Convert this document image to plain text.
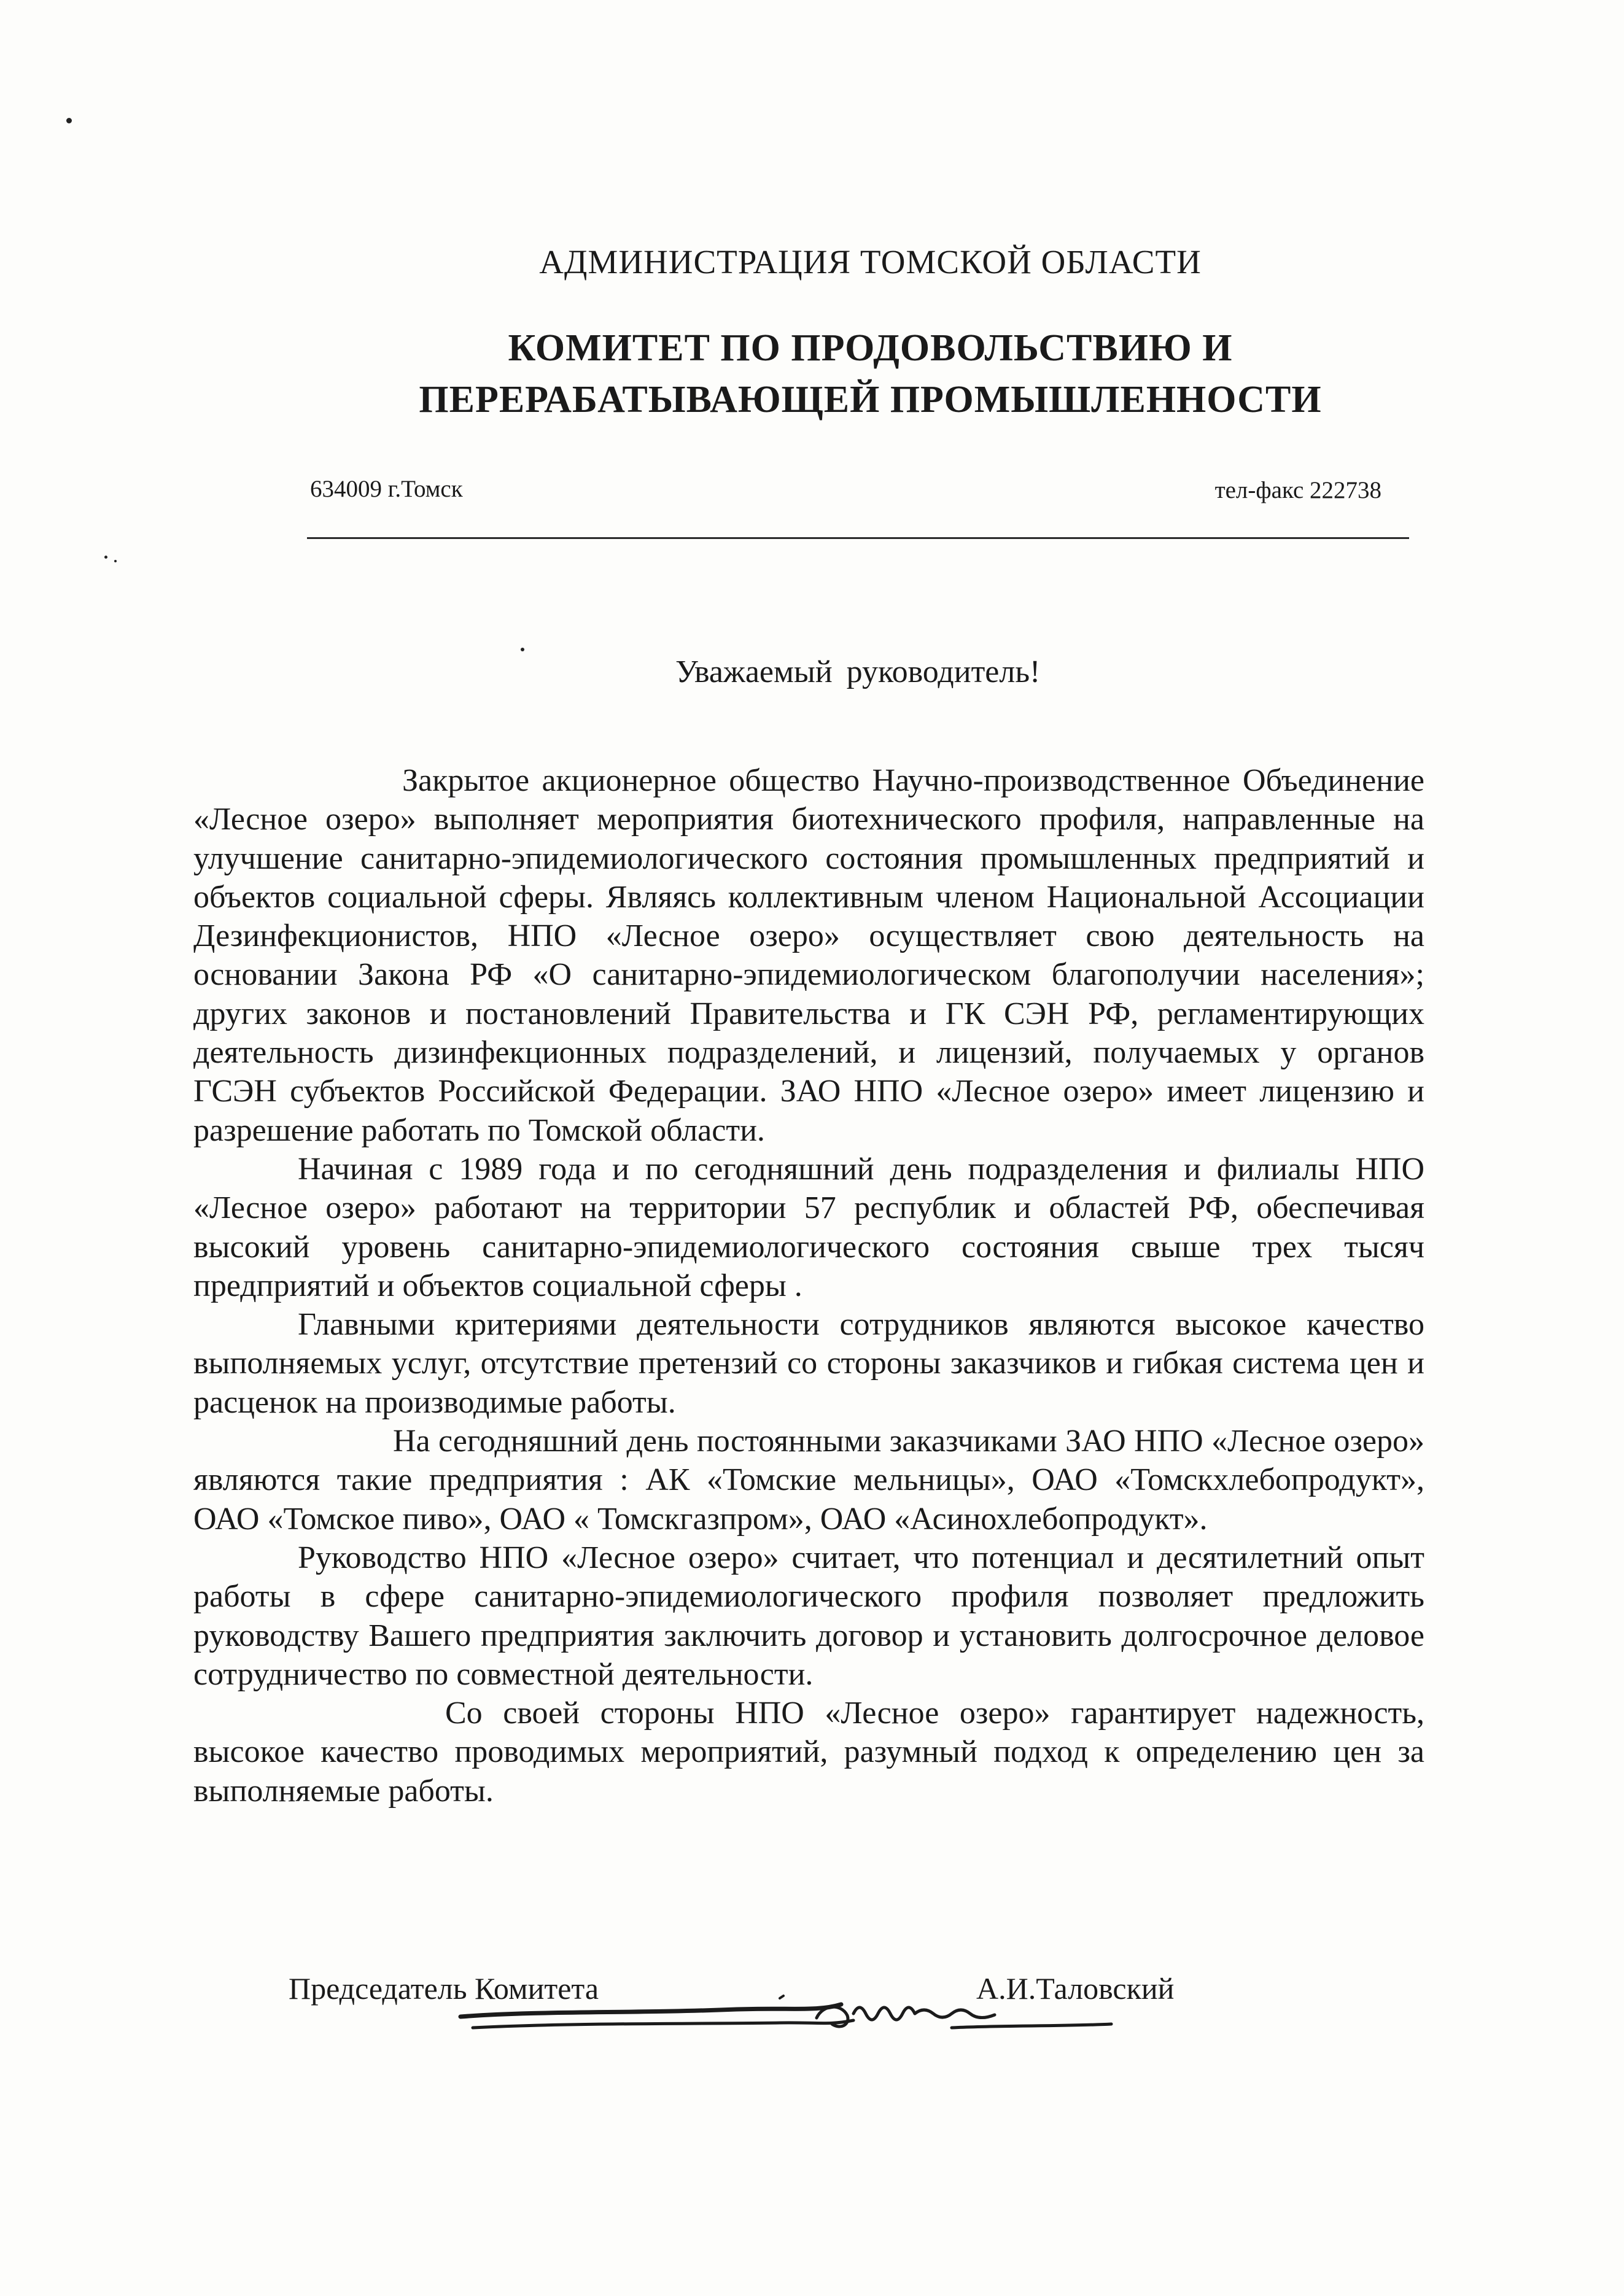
АДМИНИСТРАЦИЯ ТОМСКОЙ ОБЛАСТИ
КОМИТЕТ ПО ПРОДОВОЛЬСТВИЮ И
ПЕРЕРАБАТЫВАЮЩЕЙ ПРОМЫШЛЕННОСТИ
634009 г.Томск	тел-факс 222738
Уважаемый руководитель!

Закрытое акционерное общество Научно-производственное Объединение «Лесное озеро» выполняет мероприятия биотехнического профиля, направленные на улучшение санитарно-эпидемиологического состояния промышленных предприятий и объектов социальной сферы. Являясь коллективным членом Национальной Ассоциации Дезинфекционистов, НПО «Лесное озеро» осуществляет свою деятельность на основании Закона РФ «О санитарно-эпидемиологическом благополучии населения»; других законов и постановлений Правительства и ГК СЭН РФ, регламентирующих деятельность дизинфекционных подразделений, и лицензий, получаемых у органов ГСЭН субъектов Российской Федерации. ЗАО НПО «Лесное озеро» имеет лицензию и разрешение работать по Томской области.

Начиная с 1989 года и по сегодняшний день подразделения и филиалы НПО «Лесное озеро» работают на территории 57 республик и областей РФ, обеспечивая высокий уровень санитарно-эпидемиологического состояния свыше трех тысяч предприятий и объектов социальной сферы .

Главными критериями деятельности сотрудников являются высокое качество выполняемых услуг, отсутствие претензий со стороны заказчиков и гибкая система цен и расценок на производимые работы.

На сегодняшний день постоянными заказчиками ЗАО НПО «Лесное озеро» являются такие предприятия : АК «Томские мельницы», ОАО «Томскхлебопродукт», ОАО «Томское пиво», ОАО « Томскгазпром», ОАО «Асинохлебопродукт».

Руководство НПО «Лесное озеро» считает, что потенциал и десятилетний опыт работы в сфере санитарно-эпидемиологического профиля позволяет предложить руководству Вашего предприятия заключить договор и установить долгосрочное деловое сотрудничество по совместной деятельности.

Со своей стороны НПО «Лесное озеро» гарантирует надежность, высокое качество проводимых мероприятий, разумный подход к определению цен за выполняемые работы.

Председатель Комитета	А.И.Таловский
